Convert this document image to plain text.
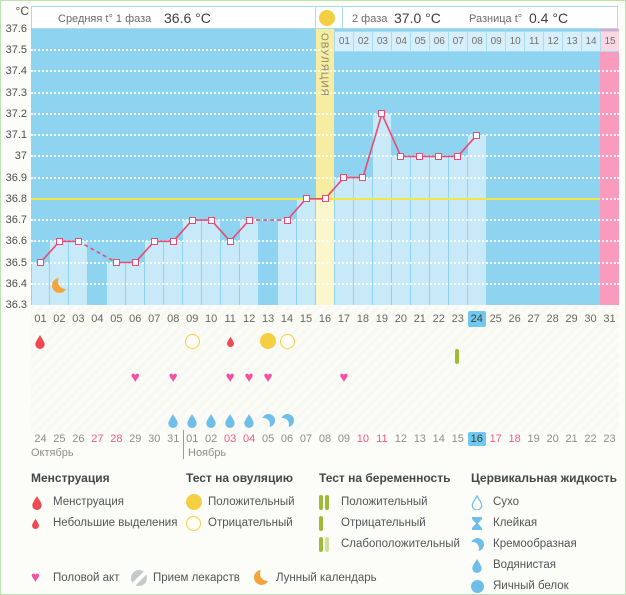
°C
Средняя t° 1 фаза 36.6 °C	2 фаза 37.0 °C	Разница t° 0.4 °C
37.6
37.5
37.4
37.3
37.2
37.1
37
36.9
36.8
36.7
36.6
36.5
36.4
36.3
01 02 03 04 05 06 07 08 09 10 11 12 13 14 15
ОВУЛЯЦИЯ
01 02 03 04 05 06 07 08 09 10 11 12 13 14 15 16 17 18 19 20 21 22 23 24 25 26 27 28 29 30 31
♥ ♥	♥ ♥ ♥	♥
24 25 26 27 28 29 30 31 01 02 03 04 05 06 07 08 09 10 11 12 13 14 15 16 17 18 19 20 21 22 23
Октябрь	Ноябрь
Менструация
Менструация
Небольшие выделения
Тест на овуляцию
Положительный
Отрицательный
Тест на беременность
Положительный
Отрицательный
Слабоположительный
Цервикальная жидкость
Сухо
Клейкая
Кремообразная
Водянистая
Яичный белок
♥ Половой акт	Прием лекарств	Лунный календарь
